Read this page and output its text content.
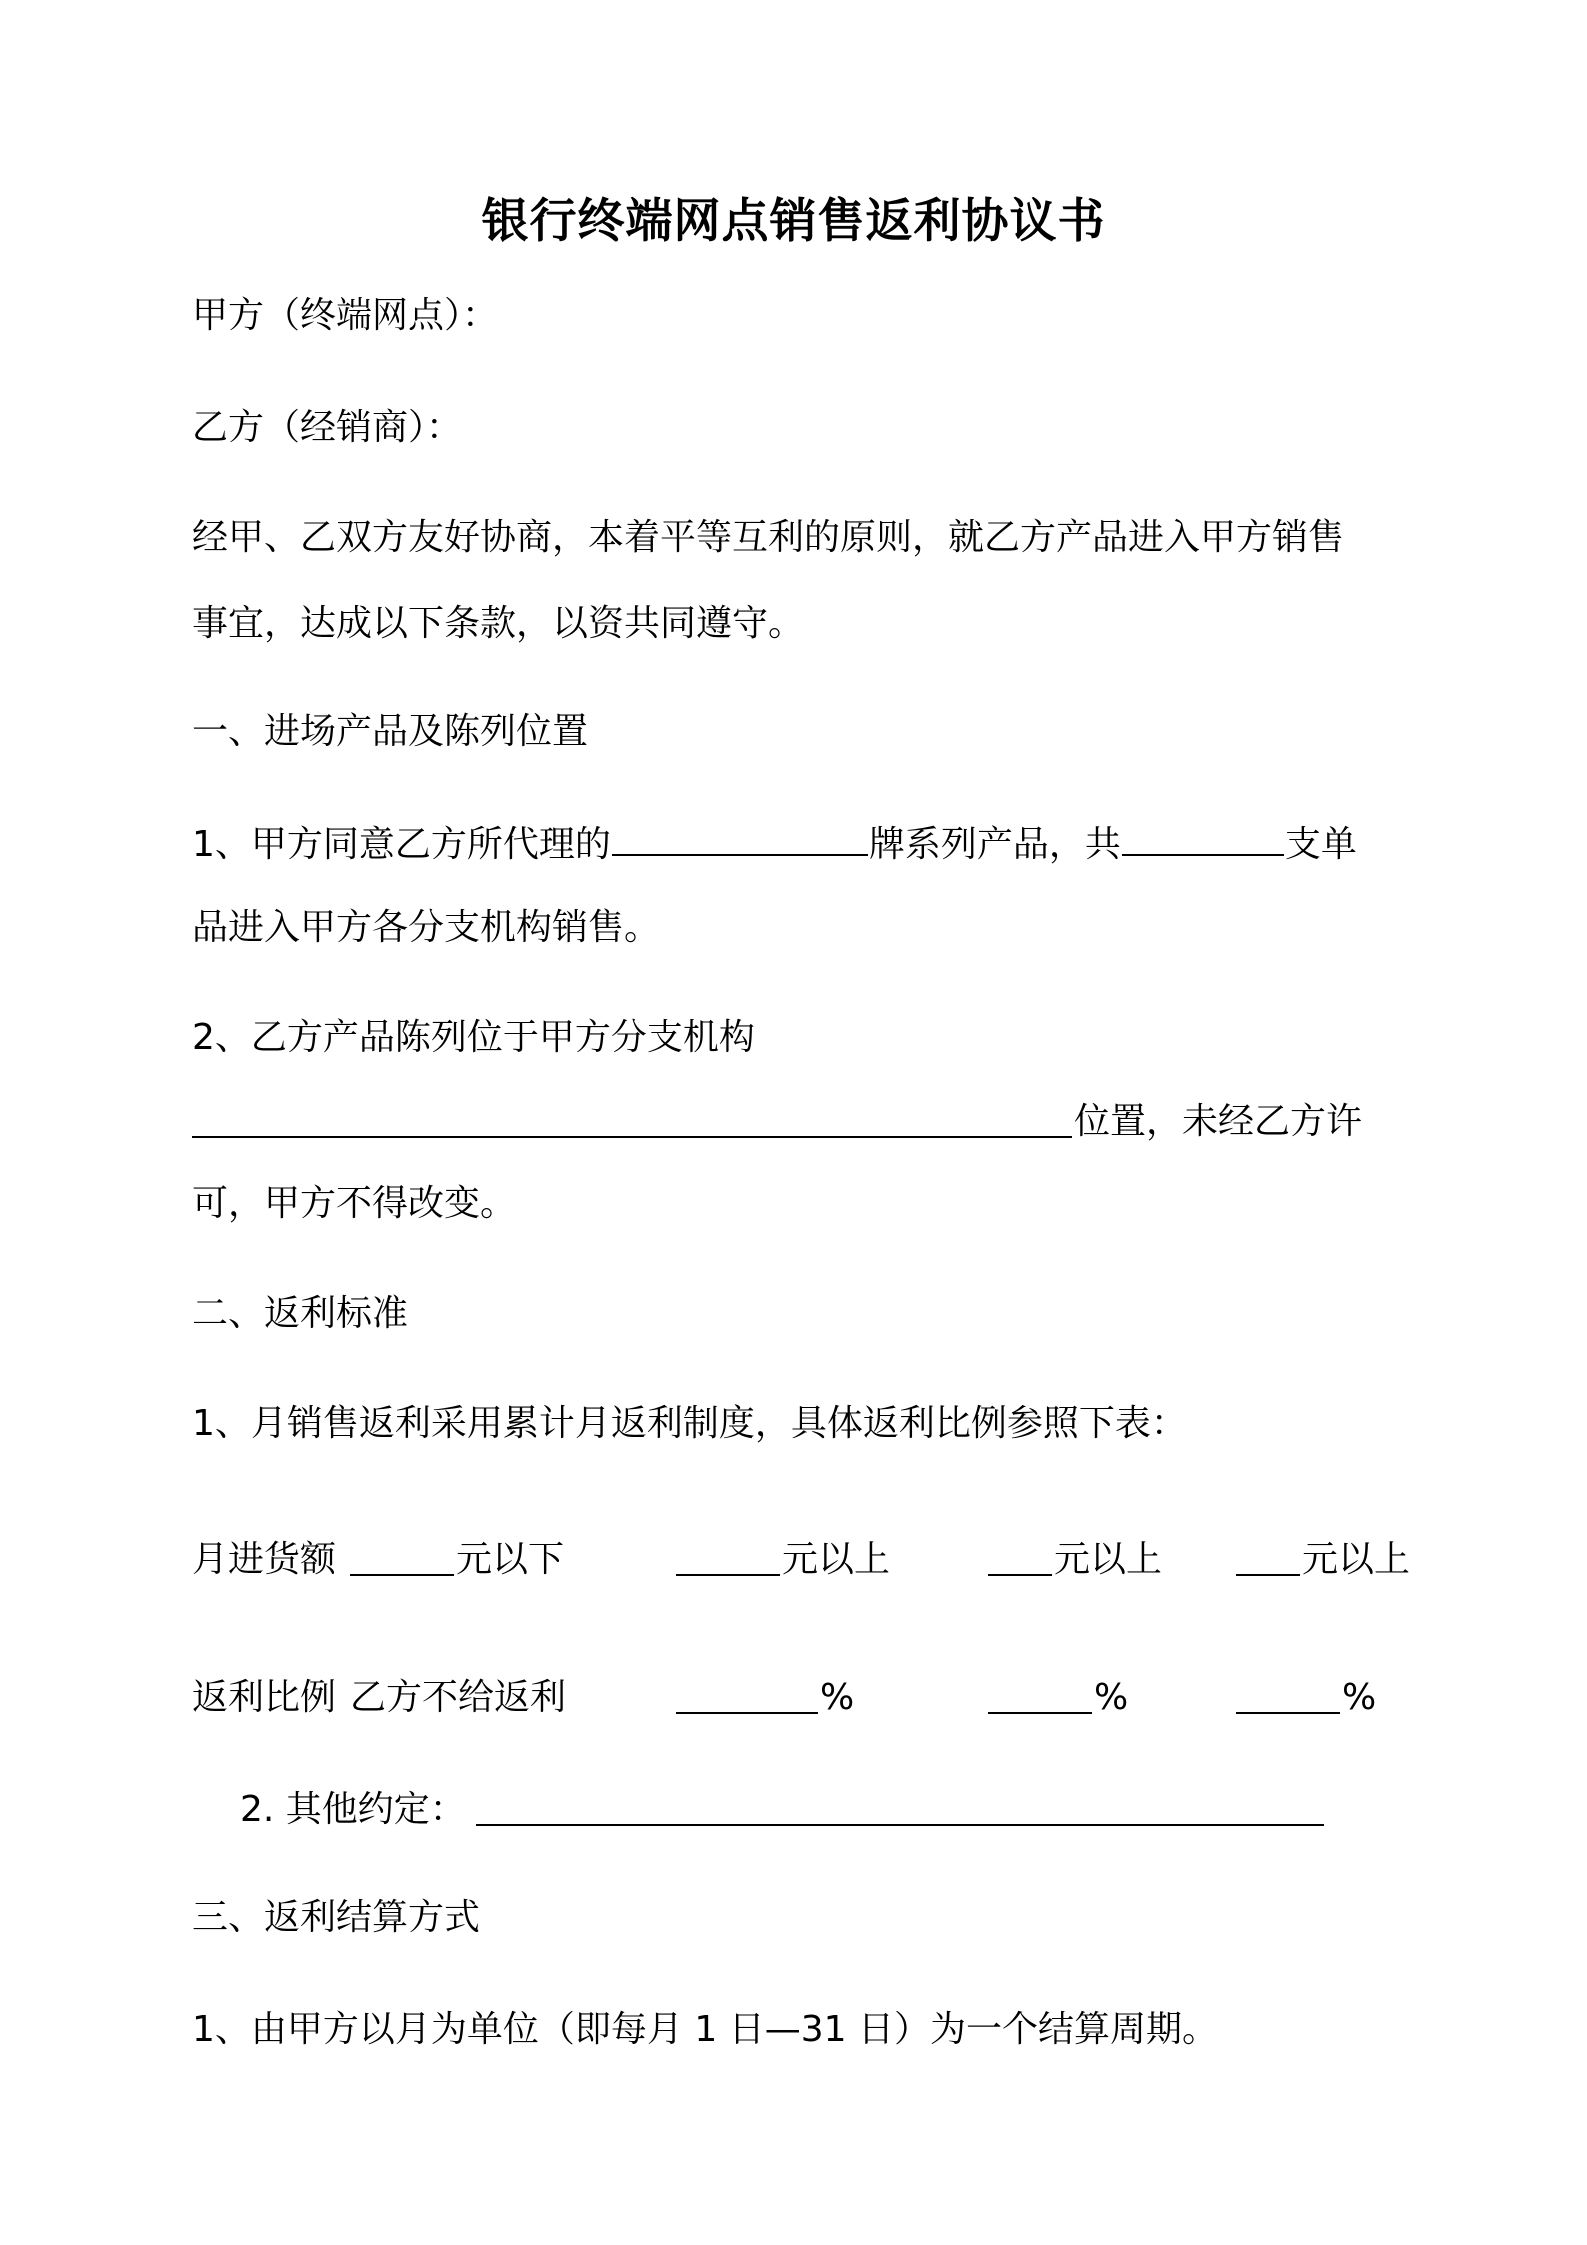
银行终端网点销售返利协议书
甲方（终端网点）：
乙方（经销商）：
经甲、乙双方友好协商，本着平等互利的原则，就乙方产品进入甲方销售
事宜，达成以下条款，以资共同遵守。
一、进场产品及陈列位置
1、甲方同意乙方所代理的	牌系列产品，共	支单
品进入甲方各分支机构销售。
2、乙方产品陈列位于甲方分支机构
位置，未经乙方许
可，甲方不得改变。
二、返利标准
1、月销售返利采用累计月返利制度，具体返利比例参照下表：
月进货额	元以下	元以上	元以上	元以上
返利比例 乙方不给返利	%	%	%
2. 其他约定：
三、返利结算方式
1、由甲方以月为单位（即每月 1 日—31 日）为一个结算周期。
